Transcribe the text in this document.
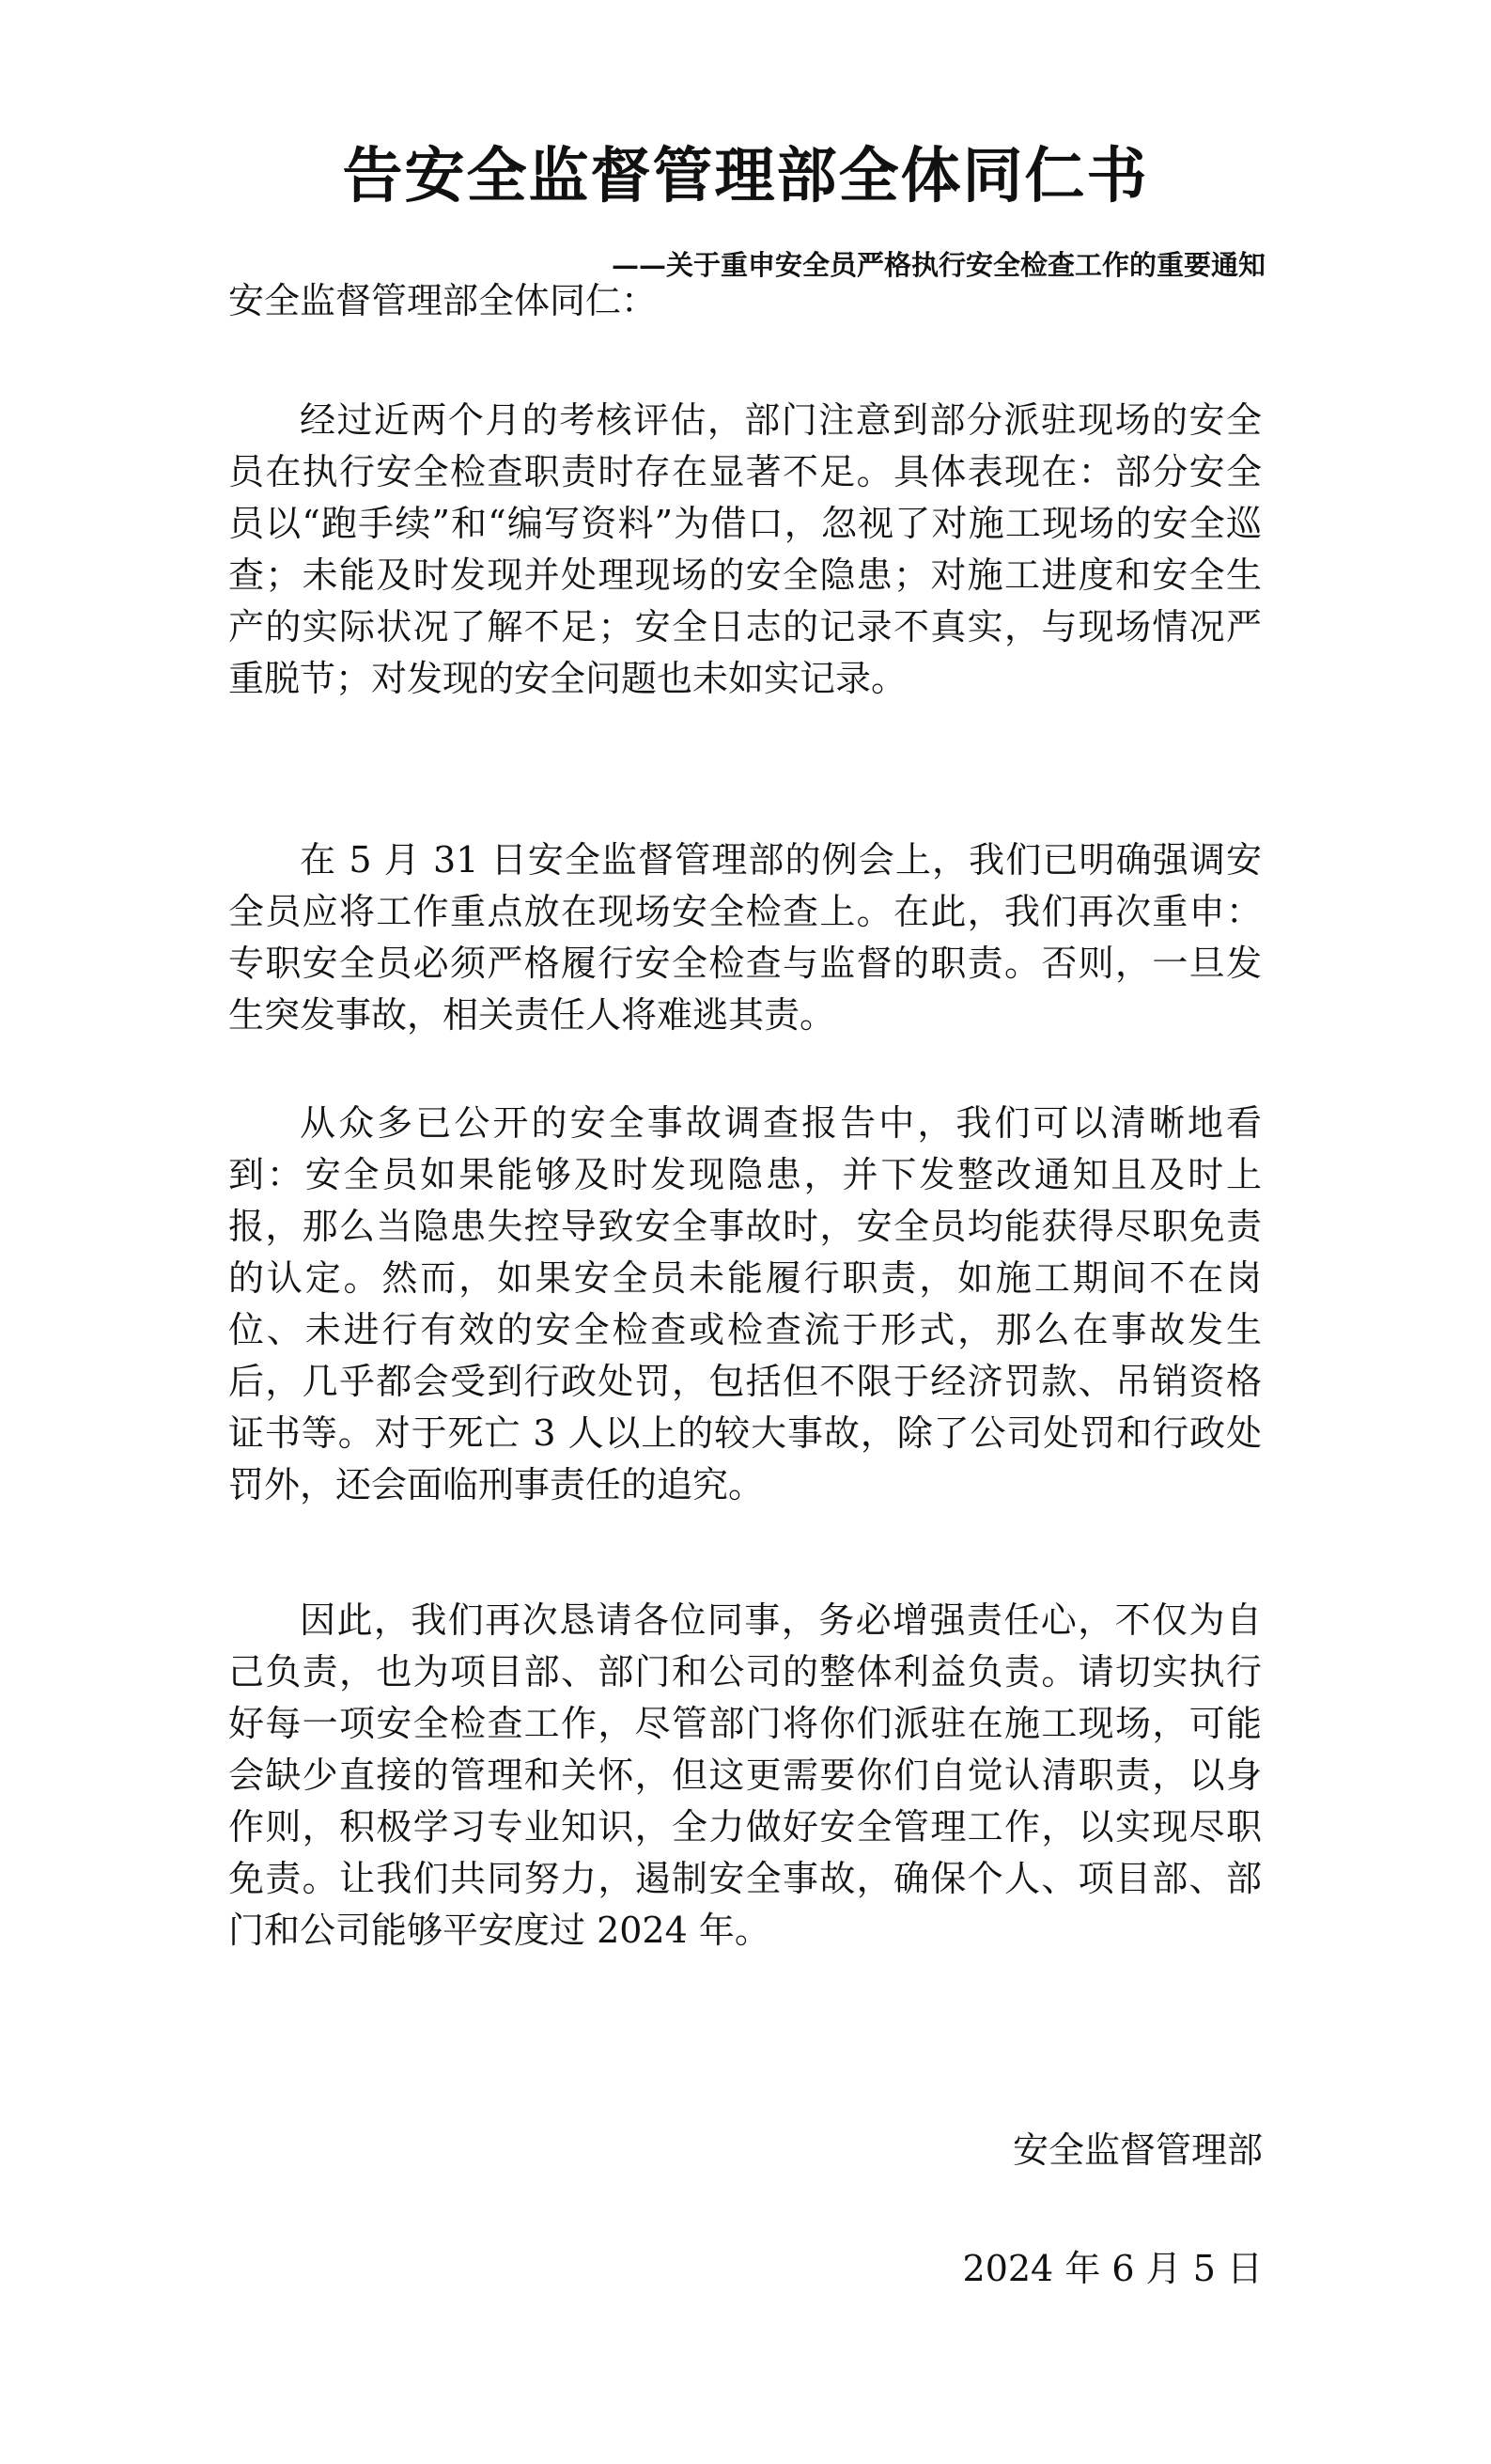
告安全监督管理部全体同仁书

——关于重申安全员严格执行安全检查工作的重要通知

安全监督管理部全体同仁：

经过近两个月的考核评估，部门注意到部分派驻现场的安全员在执行安全检查职责时存在显著不足。具体表现在：部分安全员以“跑手续”和“编写资料”为借口，忽视了对施工现场的安全巡查；未能及时发现并处理现场的安全隐患；对施工进度和安全生产的实际状况了解不足；安全日志的记录不真实，与现场情况严重脱节；对发现的安全问题也未如实记录。

在 5 月 31 日安全监督管理部的例会上，我们已明确强调安全员应将工作重点放在现场安全检查上。在此，我们再次重申：专职安全员必须严格履行安全检查与监督的职责。否则，一旦发生突发事故，相关责任人将难逃其责。

从众多已公开的安全事故调查报告中，我们可以清晰地看到：安全员如果能够及时发现隐患，并下发整改通知且及时上报，那么当隐患失控导致安全事故时，安全员均能获得尽职免责的认定。然而，如果安全员未能履行职责，如施工期间不在岗位、未进行有效的安全检查或检查流于形式，那么在事故发生后，几乎都会受到行政处罚，包括但不限于经济罚款、吊销资格证书等。对于死亡 3 人以上的较大事故，除了公司处罚和行政处罚外，还会面临刑事责任的追究。

因此，我们再次恳请各位同事，务必增强责任心，不仅为自己负责，也为项目部、部门和公司的整体利益负责。请切实执行好每一项安全检查工作，尽管部门将你们派驻在施工现场，可能会缺少直接的管理和关怀，但这更需要你们自觉认清职责，以身作则，积极学习专业知识，全力做好安全管理工作，以实现尽职免责。让我们共同努力，遏制安全事故，确保个人、项目部、部门和公司能够平安度过 2024 年。

安全监督管理部

2024 年 6 月 5 日
